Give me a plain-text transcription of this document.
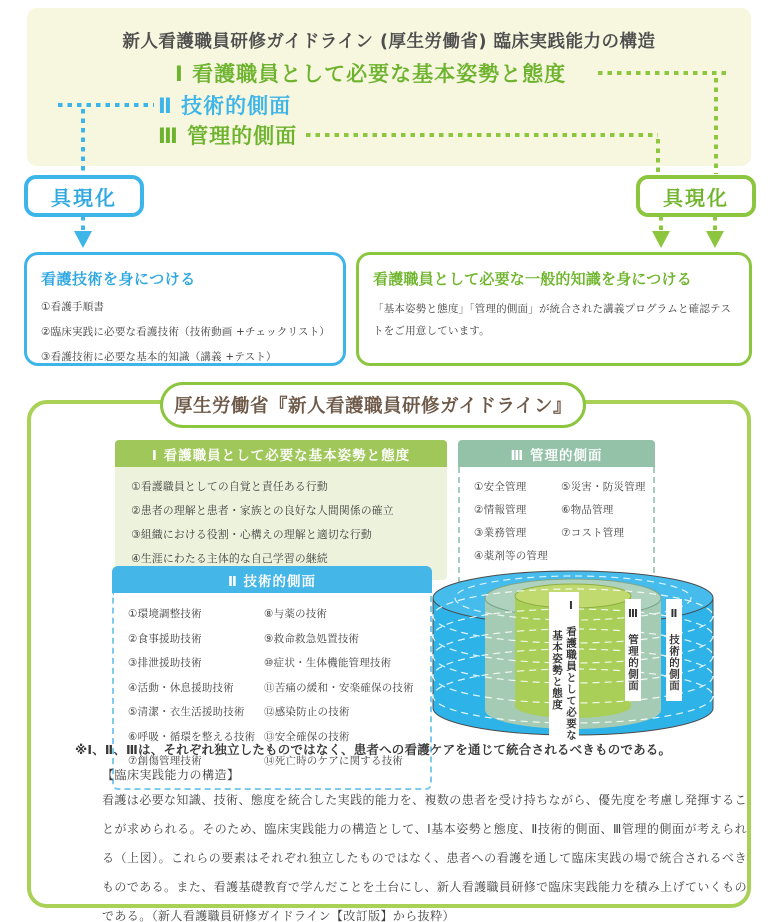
新人看護職員研修ガイドライン (厚生労働省) 臨床実践能力の構造
Ⅰ 看護職員として必要な基本姿勢と態度
Ⅱ 技術的側面
Ⅲ 管理的側面
具現化	具現化
看護技術を身につける
①看護手順書
②臨床実践に必要な看護技術（技術動画 +チェックリスト）
③看護技術に必要な基本的知識（講義 +テスト）
看護職員として必要な一般的知識を身につける
「基本姿勢と態度」「管理的側面」が統合された講義プログラムと確認テストをご用意しています。
厚生労働省『新人看護職員研修ガイドライン』
Ⅰ 看護職員として必要な基本姿勢と態度
①看護職員としての自覚と責任ある行動
②患者の理解と患者・家族との良好な人間関係の確立
③組織における役割・心構えの理解と適切な行動
④生涯にわたる主体的な自己学習の継続
Ⅲ 管理的側面
①安全管理
②情報管理
③業務管理
④薬剤等の管理
⑤災害・防災管理
⑥物品管理
⑦コスト管理
Ⅱ 技術的側面
①環境調整技術
②食事援助技術
③排泄援助技術
④活動・休息援助技術
⑤清潔・衣生活援助技術
⑥呼吸・循環を整える技術
⑦創傷管理技術
⑧与薬の技術
⑨救命救急処置技術
⑩症状・生体機能管理技術
⑪苦痛の緩和・安楽確保の技術
⑫感染防止の技術
⑬安全確保の技術
⑭死亡時のケアに関する技術
Ⅰ 看護職員として必要な基本姿勢と態度	Ⅲ 管理的側面	Ⅱ 技術的側面
※Ⅰ、Ⅱ、Ⅲは、それぞれ独立したものではなく、患者への看護ケアを通じて統合されるべきものである。
【臨床実践能力の構造】
看護は必要な知識、技術、態度を統合した実践的能力を、複数の患者を受け持ちながら、優先度を考慮し発揮することが求められる。そのため、臨床実践能力の構造として、Ⅰ基本姿勢と態度、Ⅱ技術的側面、Ⅲ管理的側面が考えられる（上図）。これらの要素はそれぞれ独立したものではなく、患者への看護を通して臨床実践の場で統合されるべきものである。また、看護基礎教育で学んだことを土台にし、新人看護職員研修で臨床実践能力を積み上げていくものである。（新人看護職員研修ガイドライン【改訂版】から抜粋）
